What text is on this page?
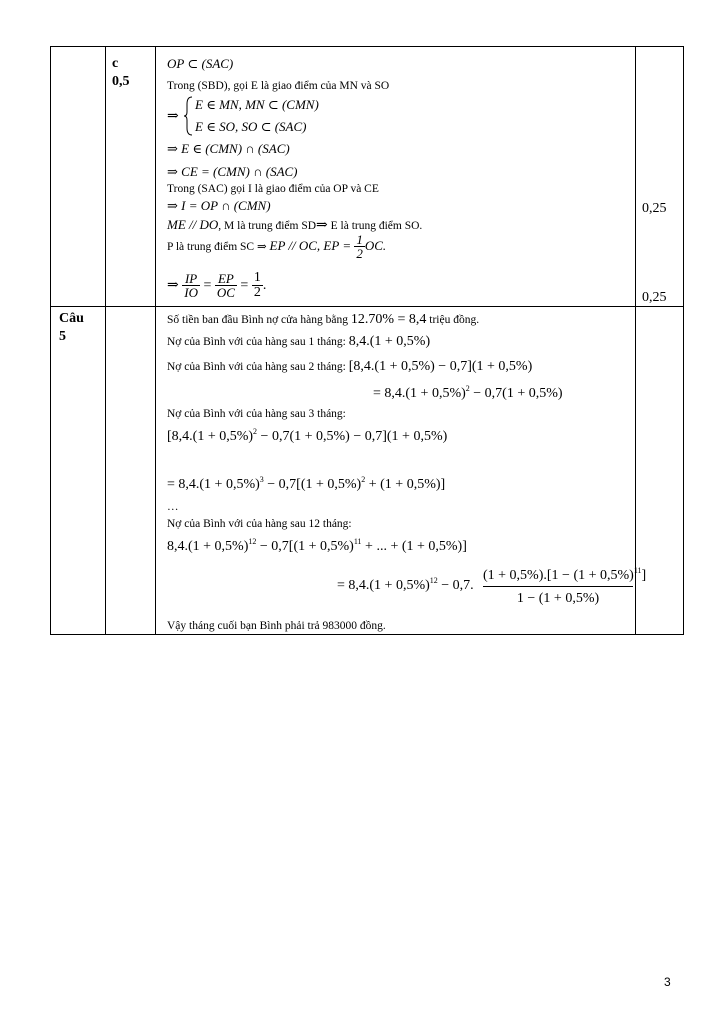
c
0,5
Câu
5
0,25
0,25
OP ⊂ (SAC)
Trong (SBD), gọi E là giao điểm của MN và SO
⇒
E ∈ MN, MN ⊂ (CMN)
E ∈ SO, SO ⊂ (SAC)
⇒ E ∈ (CMN) ∩ (SAC)
⇒ CE = (CMN) ∩ (SAC)
Trong (SAC) gọi I là giao điểm của OP và CE
⇒ I = OP ∩ (CMN)
ME // DO, M là trung điểm SD⇒ E là trung điểm SO.
P là trung điểm SC ⇒ EP // OC, EP = $\frac{1}{2}$ OC.
⇒ $\frac{IP}{IO} = \frac{EP}{OC} = \frac{1}{2}$ .
Số tiền ban đầu Bình nợ cửa hàng bằng 12.70% = 8,4 triệu đồng.
Nợ của Bình với của hàng sau 1 tháng: 8,4.(1 + 0,5%)
Nợ của Bình với của hàng sau 2 tháng: [8,4.(1 + 0,5%) − 0,7](1 + 0,5%)
= $8,4.(1 + 0,5\%)^2 - 0,7(1 + 0,5\%)$
Nợ của Bình với của hàng sau 3 tháng:
$[8,4.(1 + 0,5\%)^2 - 0,7(1 + 0,5\%) - 0,7](1 + 0,5\%)$
= $8,4.(1 + 0,5\%)^3 - 0,7[(1 + 0,5\%)^2 + (1 + 0,5\%)]$
…
Nợ của Bình với của hàng sau 12 tháng:
$8,4.(1 + 0,5\%)^{12} - 0,7[(1 + 0,5\%)^{11}$ + ... + (1 + 0,5%)]
= $8,4.(1 + 0,5\%)^{12} - 0,7$. $\frac{(1 + 0,5\%).[1 - (1 + 0,5\%)^{11}]}{1 - (1 + 0,5\%)}$
Vậy tháng cuối bạn Bình phải trả 983000 đồng.
3
